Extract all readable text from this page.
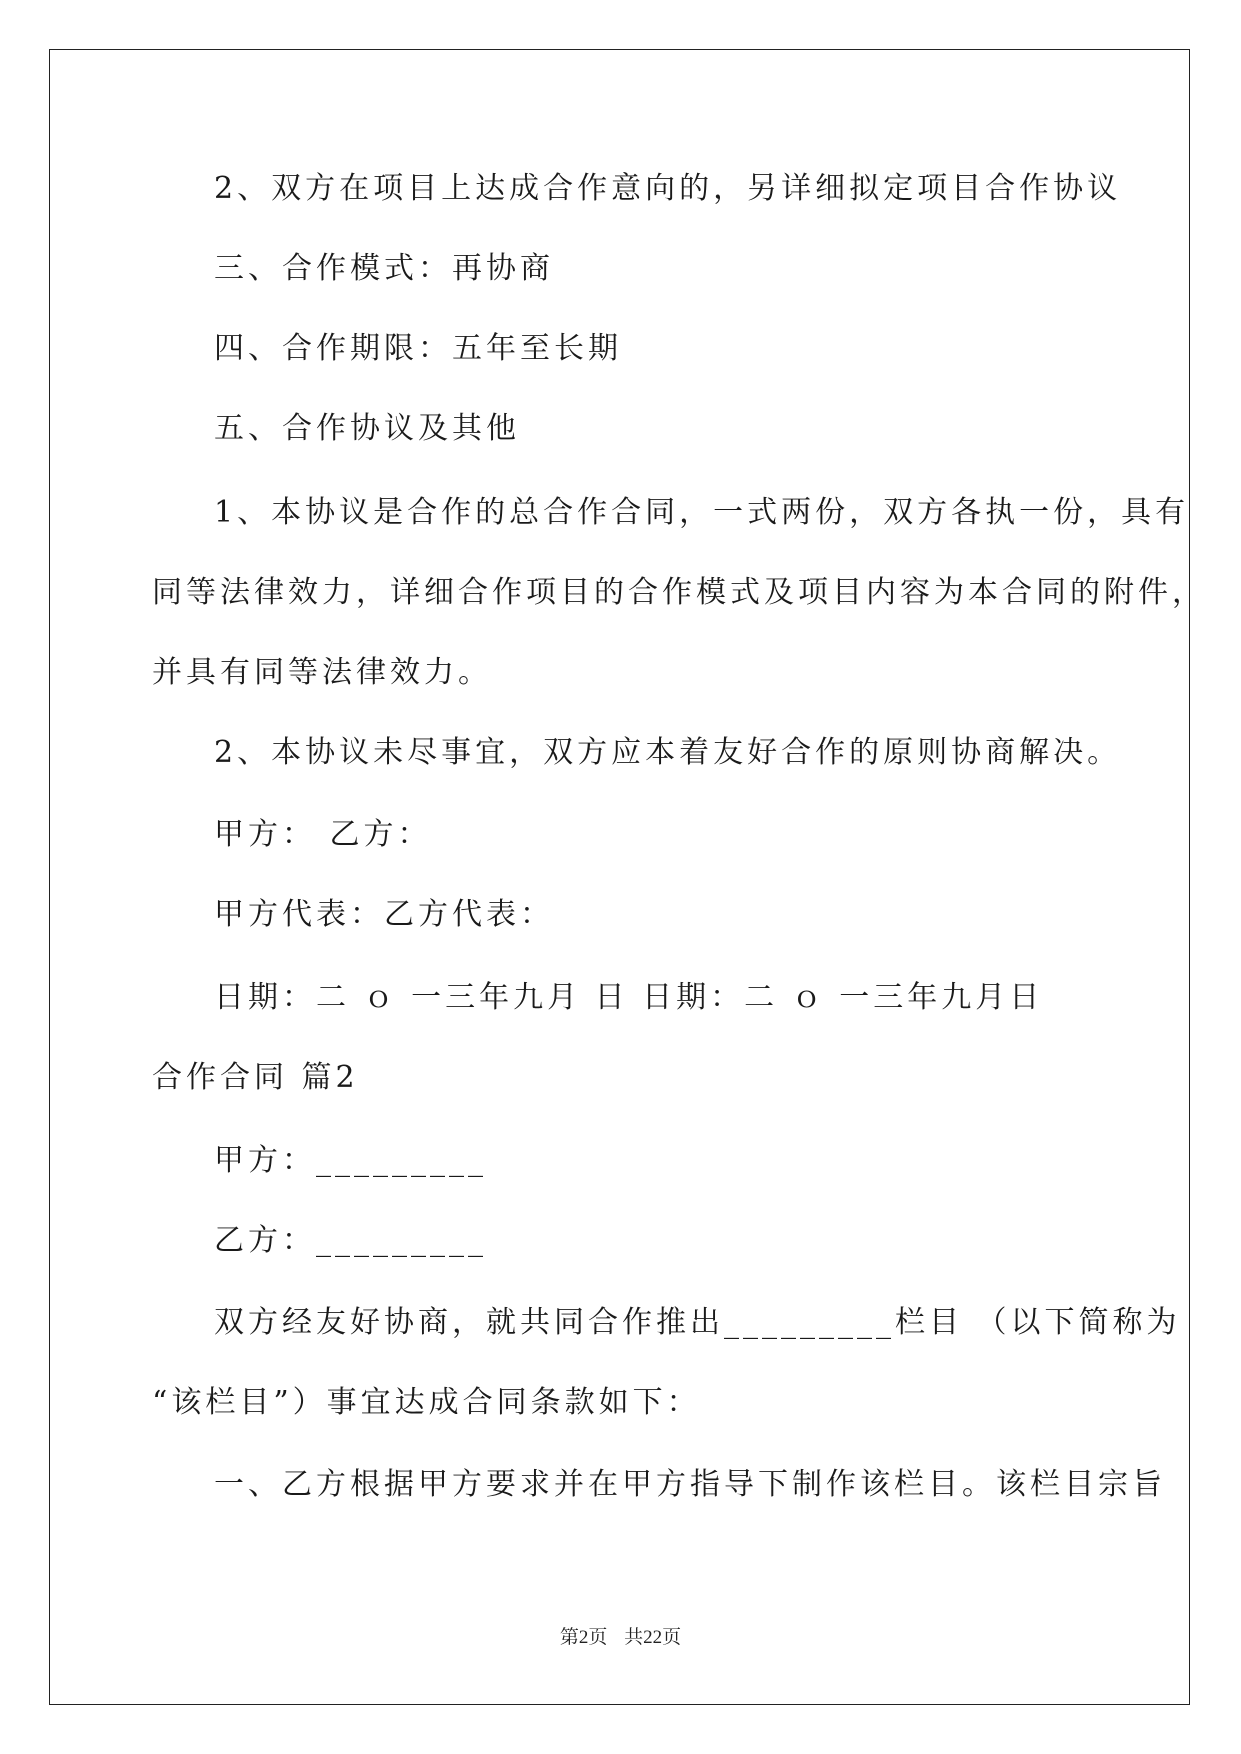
2、双方在项目上达成合作意向的，另详细拟定项目合作协议
三、合作模式：再协商
四、合作期限：五年至长期
五、合作协议及其他
1、本协议是合作的总合作合同，一式两份，双方各执一份，具有
同等法律效力，详细合作项目的合作模式及项目内容为本合同的附件，
并具有同等法律效力。
2、本协议未尽事宜，双方应本着友好合作的原则协商解决。
甲方： 乙方：
甲方代表：乙方代表：
日期：二 ｏ 一三年九月 日 日期：二 ｏ 一三年九月日
合作合同 篇2
甲方：_________
乙方：_________
双方经友好协商，就共同合作推出_________栏目 （以下简称为
“该栏目”）事宜达成合同条款如下：
一、乙方根据甲方要求并在甲方指导下制作该栏目。该栏目宗旨
第2页 共22页
